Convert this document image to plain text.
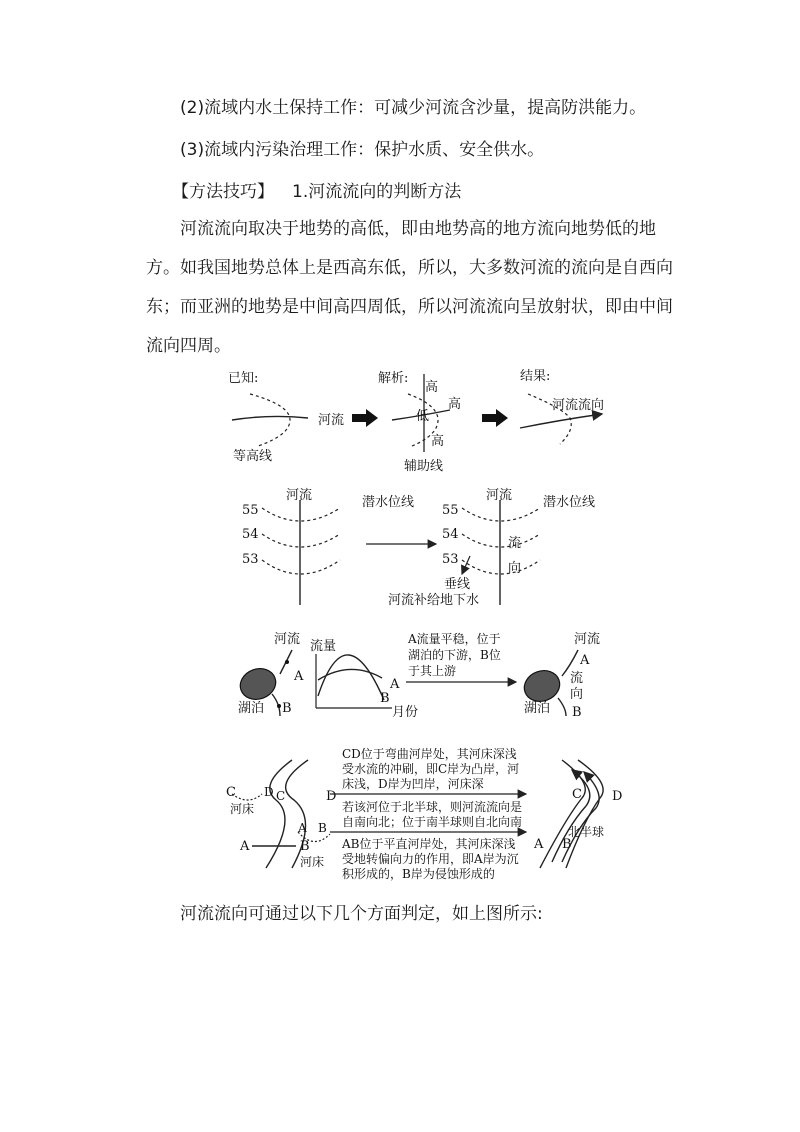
(2)流域内水土保持工作：可减少河流含沙量，提高防洪能力。

(3)流域内污染治理工作：保护水质、安全供水。

【方法技巧】 1.河流流向的判断方法

河流流向取决于地势的高低，即由地势高的地方流向地势低的地方。如我国地势总体上是西高东低，所以，大多数河流的流向是自西向东；而亚洲的地势是中间高四周低，所以河流流向呈放射状，即由中间流向四周。

已知:
河流
等高线
解析:
高
高
低
高
辅助线
结果:
河流流向
55
54
53
河流	潜水位线
55
54
53
河流 潜水位线
流
向
垂线
河流补给地下水
河流
A
湖泊 B
流量
A
B
月份
A流量平稳，位于
湖泊的下游，B位
于其上游
河流
A
流
向
湖泊 B
C D C	D
河床
A B
A	B
河床
CD位于弯曲河岸处，其河床深浅
受水流的冲刷，即C岸为凸岸，河
床浅，D岸为凹岸，河床深
若该河位于北半球，则河流流向是
自南向北；位于南半球则自北向南
AB位于平直河岸处，其河床深浅
受地转偏向力的作用，即A岸为沉
积形成的，B岸为侵蚀形成的
C D
北半球
A B

河流流向可通过以下几个方面判定，如上图所示:
